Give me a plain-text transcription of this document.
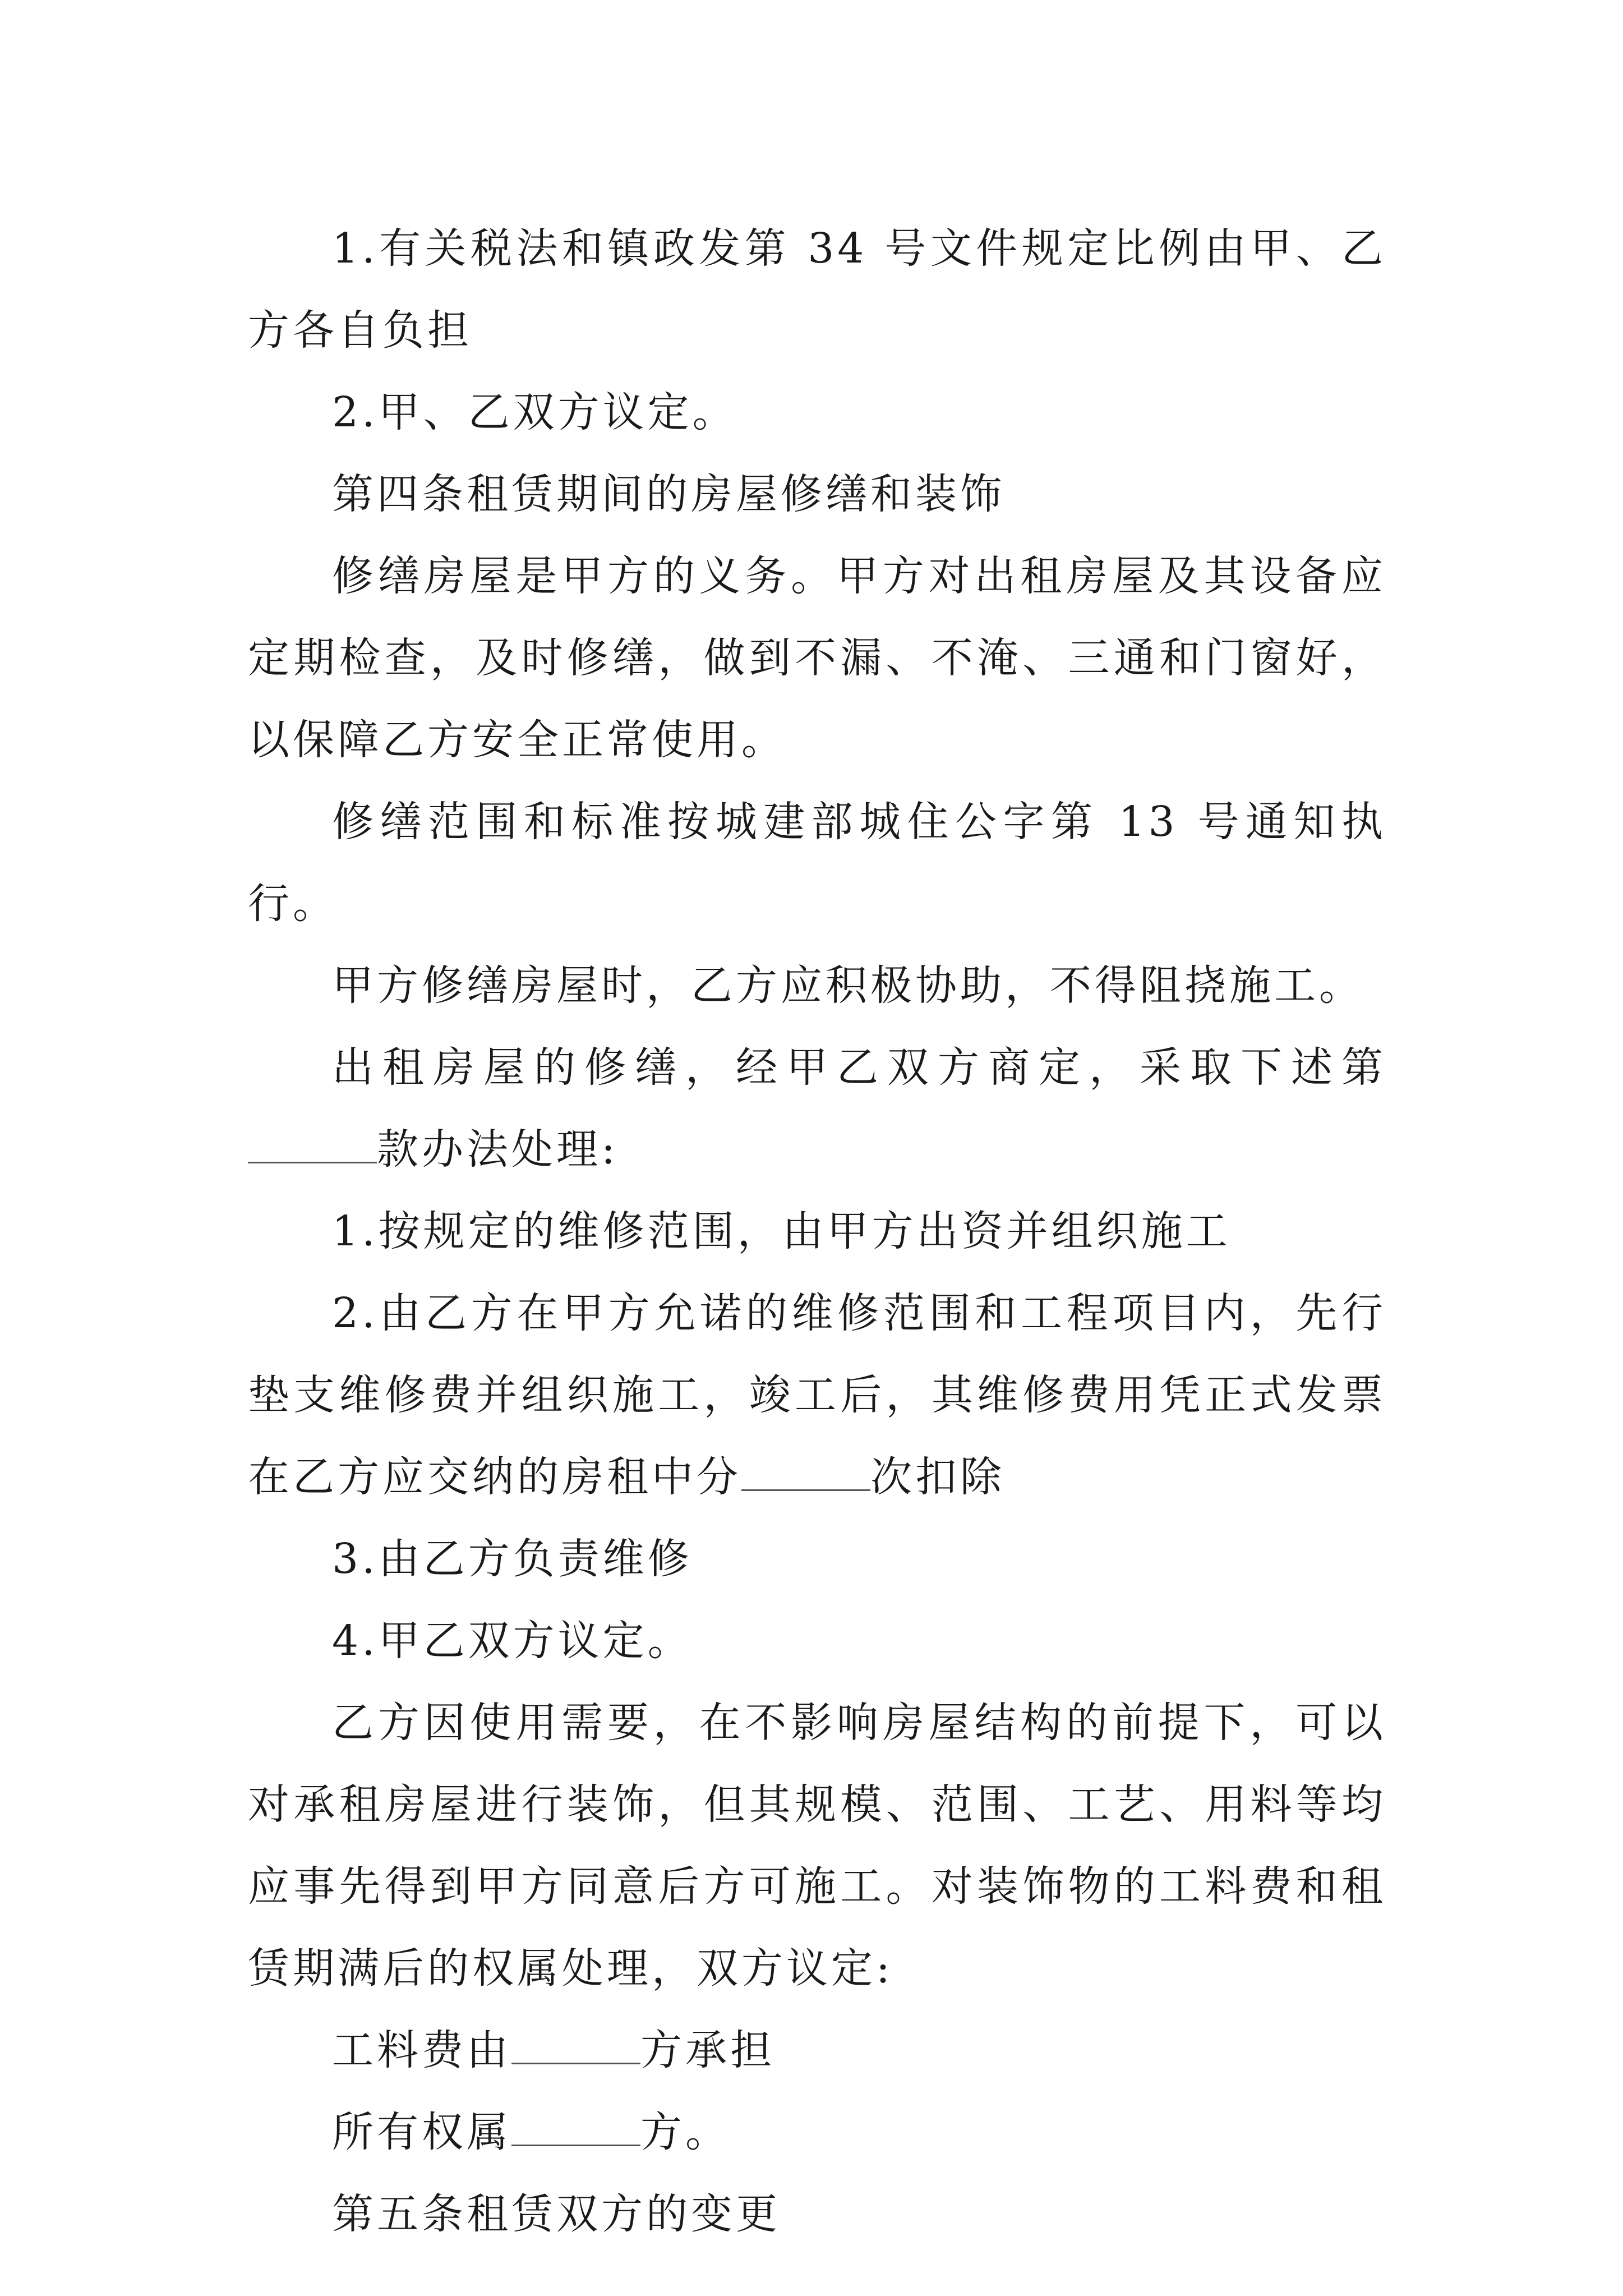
1.有关税法和镇政发第 34 号文件规定比例由甲、乙方各自负担

2.甲、乙双方议定。

第四条租赁期间的房屋修缮和装饰

修缮房屋是甲方的义务。甲方对出租房屋及其设备应定期检查，及时修缮，做到不漏、不淹、三通和门窗好，以保障乙方安全正常使用。

修缮范围和标准按城建部城住公字第 13 号通知执行。

甲方修缮房屋时，乙方应积极协助，不得阻挠施工。

出租房屋的修缮，经甲乙双方商定，采取下述第款办法处理:

1.按规定的维修范围，由甲方出资并组织施工

2.由乙方在甲方允诺的维修范围和工程项目内，先行垫支维修费并组织施工，竣工后，其维修费用凭正式发票在乙方应交纳的房租中分	次扣除

3.由乙方负责维修

4.甲乙双方议定。

乙方因使用需要，在不影响房屋结构的前提下，可以对承租房屋进行装饰，但其规模、范围、工艺、用料等均应事先得到甲方同意后方可施工。对装饰物的工料费和租赁期满后的权属处理，双方议定:

工料费由	方承担

所有权属	方。

第五条租赁双方的变更
